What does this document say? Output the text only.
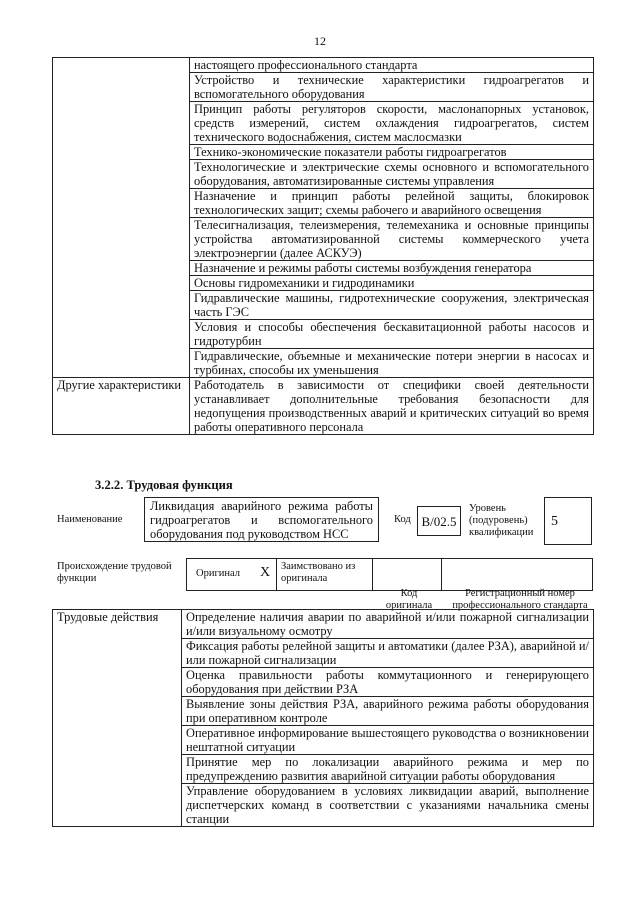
12
	настоящего профессионального стандарта
	Устройство и технические характеристики гидроагрегатов и вспомогательного оборудования
	Принцип работы регуляторов скорости, маслонапорных установок, средств измерений, систем охлаждения гидроагрегатов, систем технического водоснабжения, систем маслосмазки
	Технико-экономические показатели работы гидроагрегатов
	Технологические и электрические схемы основного и вспомогательного оборудования, автоматизированные системы управления
	Назначение и принцип работы релейной защиты, блокировок технологических защит; схемы рабочего и аварийного освещения
	Телесигнализация, телеизмерения, телемеханика и основные принципы устройства автоматизированной системы коммерческого учета электроэнергии (далее АСКУЭ)
	Назначение и режимы работы системы возбуждения генератора
	Основы гидромеханики и гидродинамики
	Гидравлические машины, гидротехнические сооружения, электрическая часть ГЭС
	Условия и способы обеспечения бескавитационной работы насосов и гидротурбин
	Гидравлические, объемные и механические потери энергии в насосах и турбинах, способы их уменьшения
Другие характеристики	Работодатель в зависимости от специфики своей деятельности устанавливает дополнительные требования безопасности для недопущения производственных аварий и критических ситуаций во время работы оперативного персонала
3.2.2. Трудовая функция
Наименование
Ликвидация аварийного режима работы гидроагрегатов и вспомогательного оборудования под руководством НСС
Код B/02.5
Уровень (подуровень) квалификации
5
Происхождение трудовой функции	Оригинал X Заимствовано из оригинала
Код оригинала
Регистрационный номер профессионального стандарта
Трудовые действия	Определение наличия аварии по аварийной и/или пожарной сигнализации и/или визуальному осмотру
Фиксация работы релейной защиты и автоматики (далее РЗА), аварийной и/или пожарной сигнализации
Оценка правильности работы коммутационного и генерирующего оборудования при действии РЗА
Выявление зоны действия РЗА, аварийного режима работы оборудования при оперативном контроле
Оперативное информирование вышестоящего руководства о возникновении нештатной ситуации
Принятие мер по локализации аварийного режима и мер по предупреждению развития аварийной ситуации работы оборудования
Управление оборудованием в условиях ликвидации аварий, выполнение диспетчерских команд в соответствии с указаниями начальника смены станции
